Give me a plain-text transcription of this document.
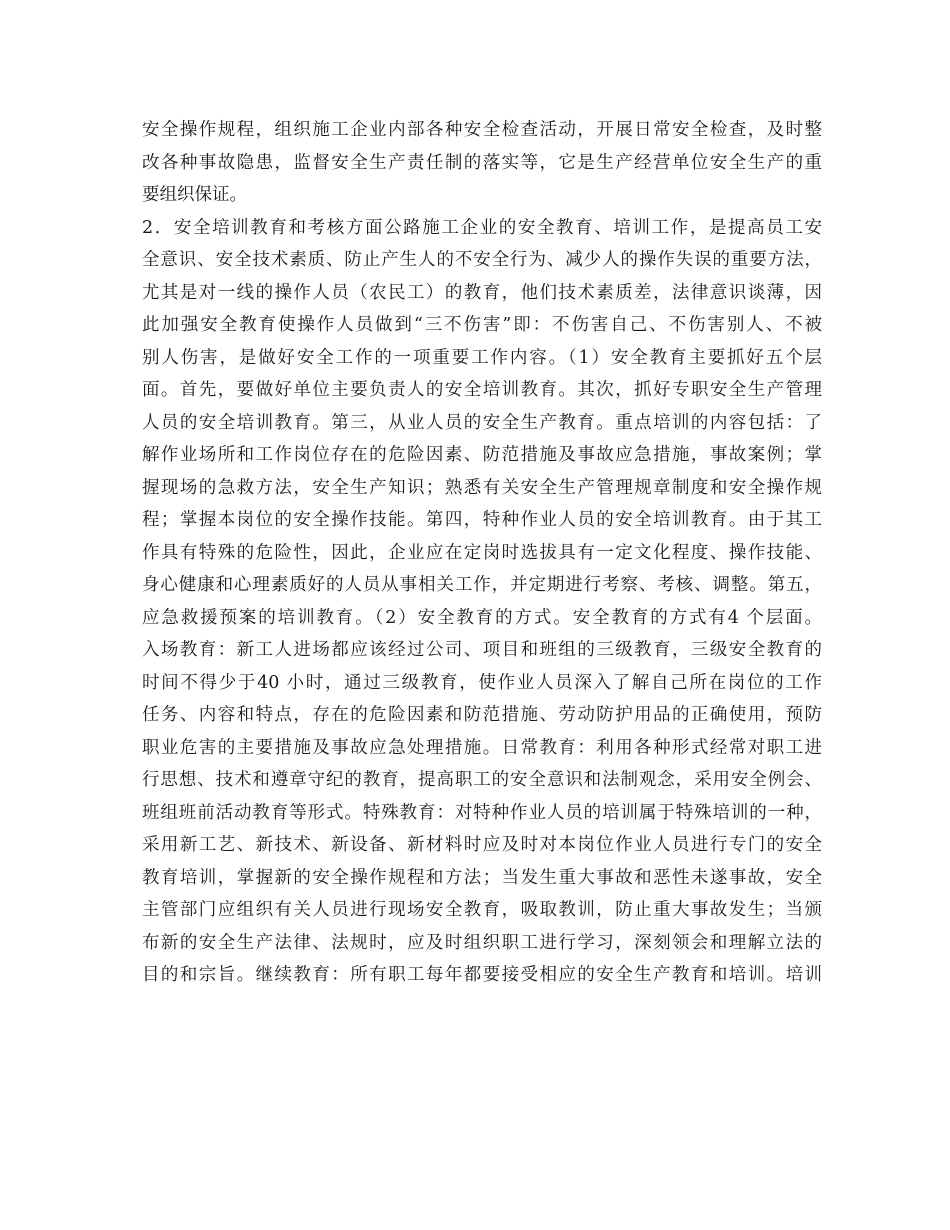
安全操作规程，组织施工企业内部各种安全检查活动，开展日常安全检查，及时整
改各种事故隐患，监督安全生产责任制的落实等，它是生产经营单位安全生产的重
要组织保证。
2．安全培训教育和考核方面公路施工企业的安全教育、培训工作，是提高员工安
全意识、安全技术素质、防止产生人的不安全行为、减少人的操作失误的重要方法，
尤其是对一线的操作人员（农民工）的教育，他们技术素质差，法律意识谈薄，因
此加强安全教育使操作人员做到“三不伤害”即：不伤害自己、不伤害别人、不被
别人伤害，是做好安全工作的一项重要工作内容。（1）安全教育主要抓好五个层
面。首先，要做好单位主要负责人的安全培训教育。其次，抓好专职安全生产管理
人员的安全培训教育。第三，从业人员的安全生产教育。重点培训的内容包括：了
解作业场所和工作岗位存在的危险因素、防范措施及事故应急措施，事故案例；掌
握现场的急救方法，安全生产知识；熟悉有关安全生产管理规章制度和安全操作规
程；掌握本岗位的安全操作技能。第四，特种作业人员的安全培训教育。由于其工
作具有特殊的危险性，因此，企业应在定岗时选拔具有一定文化程度、操作技能、
身心健康和心理素质好的人员从事相关工作，并定期进行考察、考核、调整。第五，
应急救援预案的培训教育。（2）安全教育的方式。安全教育的方式有4 个层面。
入场教育：新工人进场都应该经过公司、项目和班组的三级教育，三级安全教育的
时间不得少于40 小时，通过三级教育，使作业人员深入了解自己所在岗位的工作
任务、内容和特点，存在的危险因素和防范措施、劳动防护用品的正确使用，预防
职业危害的主要措施及事故应急处理措施。日常教育：利用各种形式经常对职工进
行思想、技术和遵章守纪的教育，提高职工的安全意识和法制观念，采用安全例会、
班组班前活动教育等形式。特殊教育：对特种作业人员的培训属于特殊培训的一种，
采用新工艺、新技术、新设备、新材料时应及时对本岗位作业人员进行专门的安全
教育培训，掌握新的安全操作规程和方法；当发生重大事故和恶性未遂事故，安全
主管部门应组织有关人员进行现场安全教育，吸取教训，防止重大事故发生；当颁
布新的安全生产法律、法规时，应及时组织职工进行学习，深刻领会和理解立法的
目的和宗旨。继续教育：所有职工每年都要接受相应的安全生产教育和培训。培训
